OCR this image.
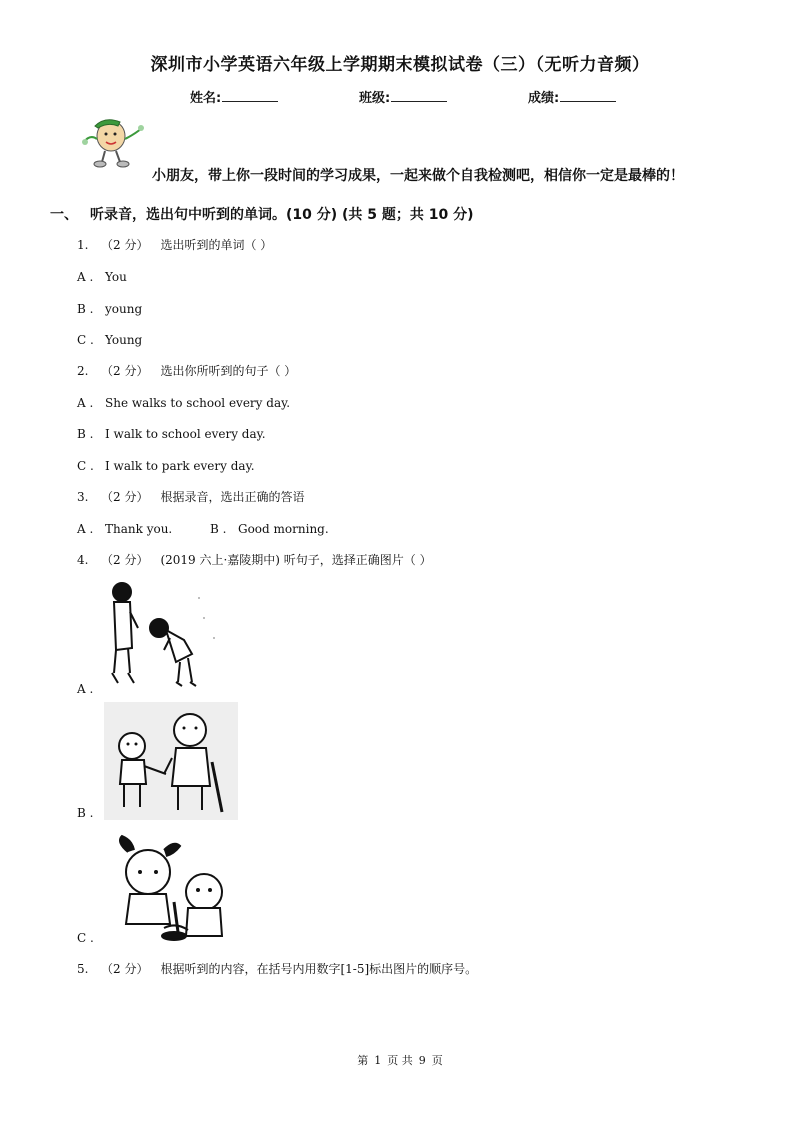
深圳市小学英语六年级上学期期末模拟试卷（三）（无听力音频）
姓名:	班级:	成绩:
小朋友，带上你一段时间的学习成果，一起来做个自我检测吧，相信你一定是最棒的！
一、 听录音，选出句中听到的单词。(10 分) (共 5 题；共 10 分)
1. （2 分） 选出听到的单词（ ）
A . You
B . young
C . Young
2. （2 分） 选出你所听到的句子（ ）
A . She walks to school every day.
B . I walk to school every day.
C . I walk to park every day.
3. （2 分） 根据录音，选出正确的答语
A . Thank you.	B . Good morning.
4. （2 分） (2019 六上·嘉陵期中) 听句子，选择正确图片（ ）
A .
B .
C .
5. （2 分） 根据听到的内容，在括号内用数字[1-5]标出图片的顺序号。
第 1 页 共 9 页
